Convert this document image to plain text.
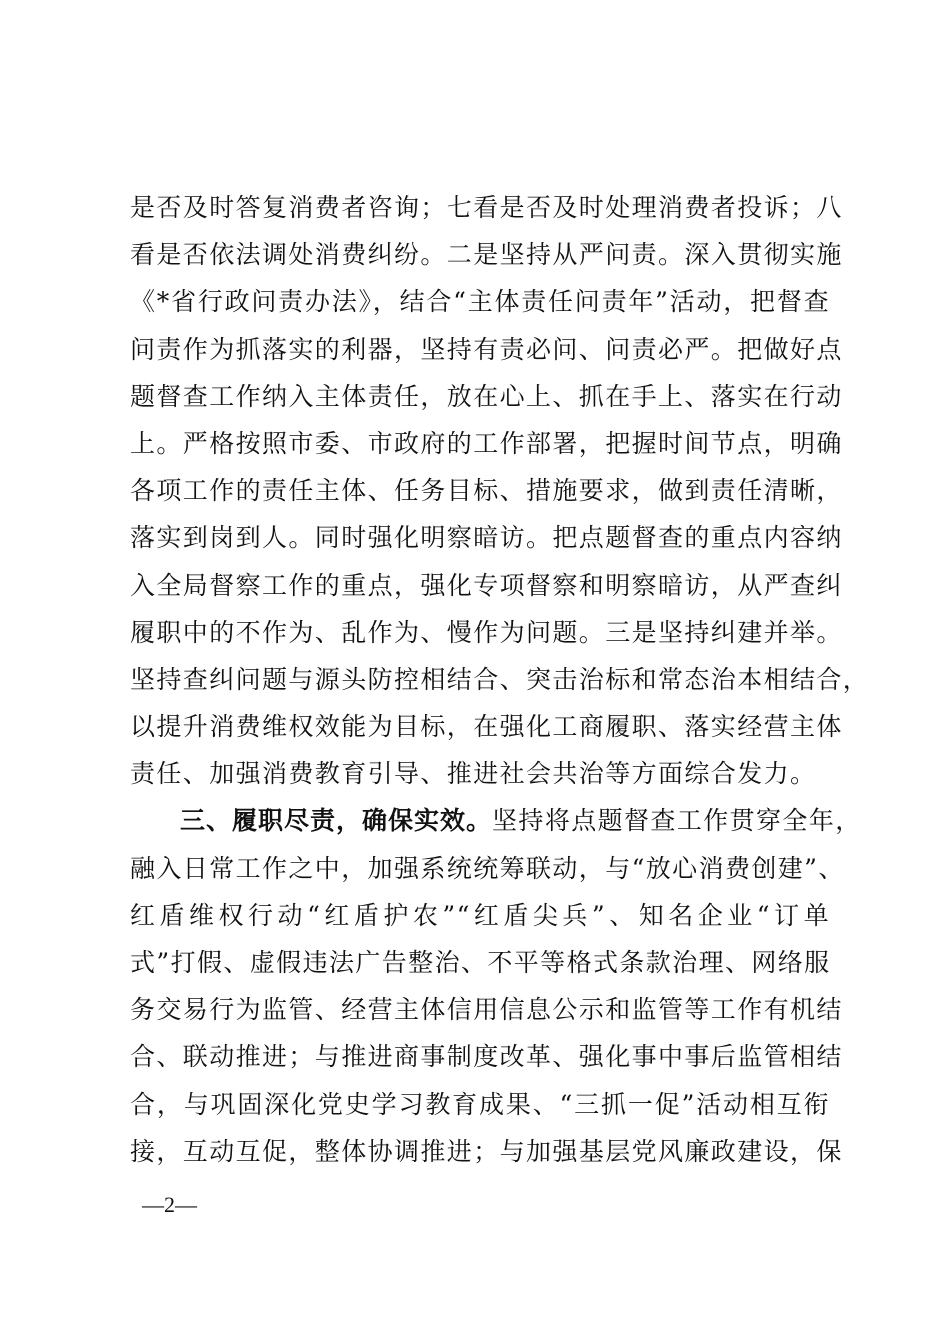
是否及时答复消费者咨询；七看是否及时处理消费者投诉；八
看是否依法调处消费纠纷。二是坚持从严问责。深入贯彻实施
《*省行政问责办法》，结合“主体责任问责年”活动，把督查
问责作为抓落实的利器，坚持有责必问、问责必严。把做好点
题督查工作纳入主体责任，放在心上、抓在手上、落实在行动
上。严格按照市委、市政府的工作部署，把握时间节点，明确
各项工作的责任主体、任务目标、措施要求，做到责任清晰，
落实到岗到人。同时强化明察暗访。把点题督查的重点内容纳
入全局督察工作的重点，强化专项督察和明察暗访，从严查纠
履职中的不作为、乱作为、慢作为问题。三是坚持纠建并举。
坚持查纠问题与源头防控相结合、突击治标和常态治本相结合，
以提升消费维权效能为目标，在强化工商履职、落实经营主体
责任、加强消费教育引导、推进社会共治等方面综合发力。
三、履职尽责，确保实效。坚持将点题督查工作贯穿全年，
融入日常工作之中，加强系统统筹联动，与“放心消费创建”、
红盾维权行动“红盾护农”“红盾尖兵”、知名企业“订单
式”打假、虚假违法广告整治、不平等格式条款治理、网络服
务交易行为监管、经营主体信用信息公示和监管等工作有机结
合、联动推进；与推进商事制度改革、强化事中事后监管相结
合，与巩固深化党史学习教育成果、“三抓一促”活动相互衔
接，互动互促，整体协调推进；与加强基层党风廉政建设，保
—2—
